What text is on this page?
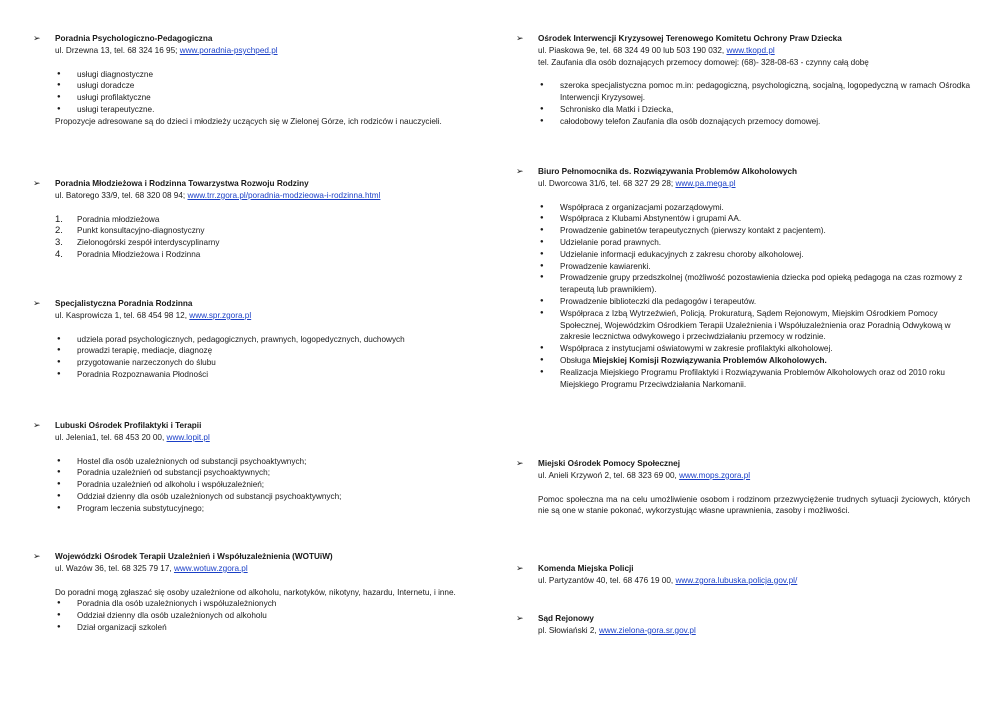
➢ Poradnia Psychologiczno-Pedagogiczna
ul. Drzewna 13, tel. 68 324 16 95; www.poradnia-psychped.pl
● usługi diagnostyczne
● usługi doradcze
● usługi profilaktyczne
● usługi terapeutyczne.

Propozycje adresowane są do dzieci i młodzieży uczących się w Zielonej Górze, ich rodziców i nauczycieli.

➢ Poradnia Młodzieżowa i Rodzinna Towarzystwa Rozwoju Rodziny
ul. Batorego 33/9, tel. 68 320 08 94; www.trr.zgora.pl/poradnia-modzieowa-i-rodzinna.html
1. Poradnia młodzieżowa
2. Punkt konsultacyjno-diagnostyczny
3. Zielonogórski zespół interdyscyplinarny
4. Poradnia Młodzieżowa i Rodzinna
➢ Specjalistyczna Poradnia Rodzinna
ul. Kasprowicza 1, tel. 68 454 98 12, www.spr.zgora.pl
● udziela porad psychologicznych, pedagogicznych, prawnych, logopedycznych, duchowych
● prowadzi terapię, mediacje, diagnozę
● przygotowanie narzeczonych do ślubu
● Poradnia Rozpoznawania Płodności
➢ Lubuski Ośrodek Profilaktyki i Terapii
ul. Jelenia1, tel. 68 453 20 00, www.lopit.pl
● Hostel dla osób uzależnionych od substancji psychoaktywnych;
● Poradnia uzależnień od substancji psychoaktywnych;
● Poradnia uzależnień od alkoholu i współuzależnień;
● Oddział dzienny dla osób uzależnionych od substancji psychoaktywnych;
● Program leczenia substytucyjnego;
➢ Wojewódzki Ośrodek Terapii Uzależnień i Współuzależnienia (WOTUiW)
ul. Wazów 36, tel. 68 325 79 17, www.wotuw.zgora.pl

Do poradni mogą zgłaszać się osoby uzależnione od alkoholu, narkotyków, nikotyny, hazardu, Internetu, i inne.

● Poradnia dla osób uzależnionych i współuzależnionych
● Oddział dzienny dla osób uzależnionych od alkoholu
● Dział organizacji szkoleń
➢ Ośrodek Interwencji Kryzysowej Terenowego Komitetu Ochrony Praw Dziecka
ul. Piaskowa 9e, tel. 68 324 49 00 lub 503 190 032, www.tkopd.pl
tel. Zaufania dla osób doznających przemocy domowej: (68)- 328-08-63 - czynny całą dobę
● szeroka specjalistyczna pomoc m.in: pedagogiczną, psychologiczną, socjalną, logopedyczną w ramach Ośrodka Interwencji Kryzysowej.
● Schronisko dla Matki i Dziecka,
● całodobowy telefon Zaufania dla osób doznających przemocy domowej.
➢ Biuro Pełnomocnika ds. Rozwiązywania Problemów Alkoholowych
ul. Dworcowa 31/6, tel. 68 327 29 28; www.pa.mega.pl
● Współpraca z organizacjami pozarządowymi.
● Współpraca z Klubami Abstynentów i grupami AA.
● Prowadzenie gabinetów terapeutycznych (pierwszy kontakt z pacjentem).
● Udzielanie porad prawnych.
● Udzielanie informacji edukacyjnych z zakresu choroby alkoholowej.
● Prowadzenie kawiarenki.
● Prowadzenie grupy przedszkolnej (możliwość pozostawienia dziecka pod opieką pedagoga na czas rozmowy z terapeutą lub prawnikiem).
● Prowadzenie biblioteczki dla pedagogów i terapeutów.
● Współpraca z Izbą Wytrzeźwień, Policją. Prokuraturą, Sądem Rejonowym, Miejskim Ośrodkiem Pomocy Społecznej, Wojewódzkim Ośrodkiem Terapii Uzależnienia i Współuzależnienia oraz Poradnią Odwykową w zakresie lecznictwa odwykowego i przeciwdziałaniu przemocy w rodzinie.
● Współpraca z instytucjami oświatowymi w zakresie profilaktyki alkoholowej.
● Obsługa Miejskiej Komisji Rozwiązywania Problemów Alkoholowych.
● Realizacja Miejskiego Programu Profilaktyki i Rozwiązywania Problemów Alkoholowych oraz od 2010 roku Miejskiego Programu Przeciwdziałania Narkomanii.
➢ Miejski Ośrodek Pomocy Społecznej
ul. Anieli Krzywoń 2, tel. 68 323 69 00, www.mops.zgora.pl

Pomoc społeczna ma na celu umożliwienie osobom i rodzinom przezwyciężenie trudnych sytuacji życiowych, których nie są one w stanie pokonać, wykorzystując własne uprawnienia, zasoby i możliwości.

➢ Komenda Miejska Policji
ul. Partyzantów 40, tel. 68 476 19 00, www.zgora.lubuska.policja.gov.pl/
➢ Sąd Rejonowy
pl. Słowiański 2, www.zielona-gora.sr.gov.pl
